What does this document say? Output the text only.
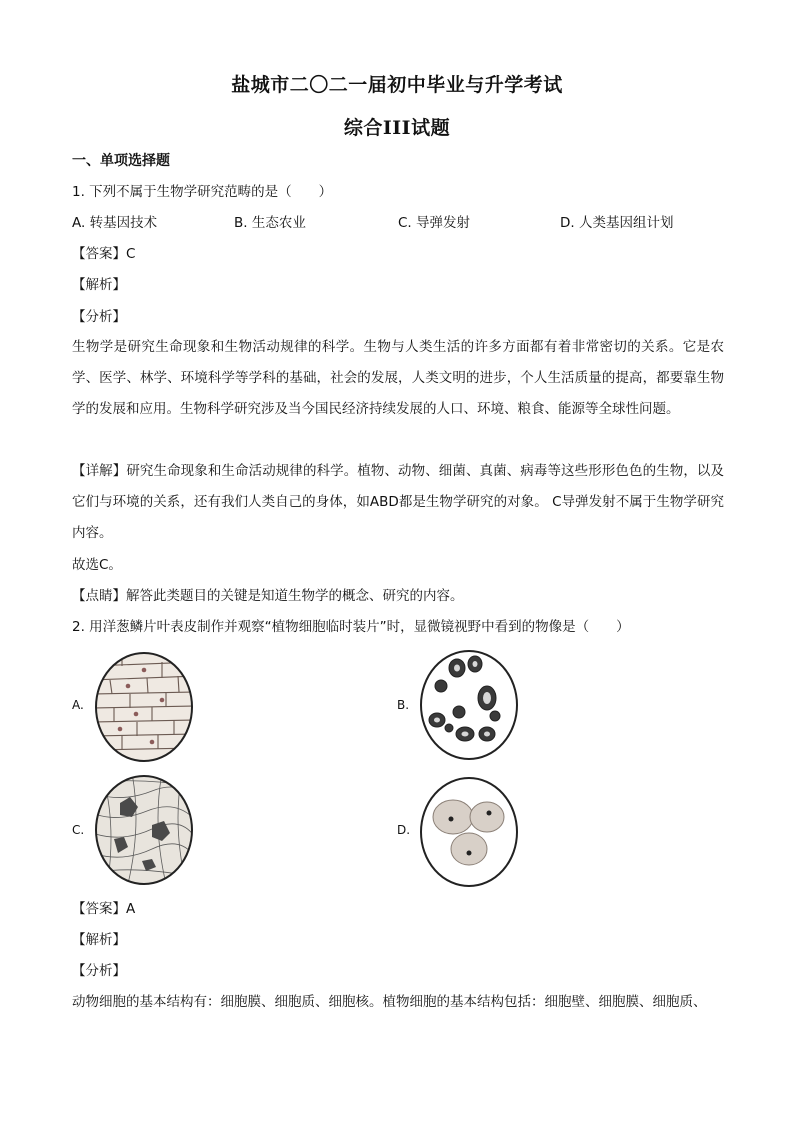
盐城市二〇二一届初中毕业与升学考试
综合III试题
一、单项选择题
1. 下列不属于生物学研究范畴的是（　　）
A. 转基因技术	B. 生态农业	C. 导弹发射	D. 人类基因组计划
【答案】C
【解析】
【分析】
生物学是研究生命现象和生物活动规律的科学。生物与人类生活的许多方面都有着非常密切的关系。它是农学、医学、林学、环境科学等学科的基础，社会的发展，人类文明的进步，个人生活质量的提高，都要靠生物学的发展和应用。生物科学研究涉及当今国民经济持续发展的人口、环境、粮食、能源等全球性问题。
【详解】研究生命现象和生命活动规律的科学。植物、动物、细菌、真菌、病毒等这些形形色色的生物，以及它们与环境的关系，还有我们人类自己的身体，如ABD都是生物学研究的对象。 C导弹发射不属于生物学研究内容。
故选C。
【点睛】解答此类题目的关键是知道生物学的概念、研究的内容。
2. 用洋葱鳞片叶表皮制作并观察“植物细胞临时装片”时，显微镜视野中看到的物像是（　　）
A.	B.
C.	D.
【答案】A
【解析】
【分析】
动物细胞的基本结构有：细胞膜、细胞质、细胞核。植物细胞的基本结构包括：细胞壁、细胞膜、细胞质、
